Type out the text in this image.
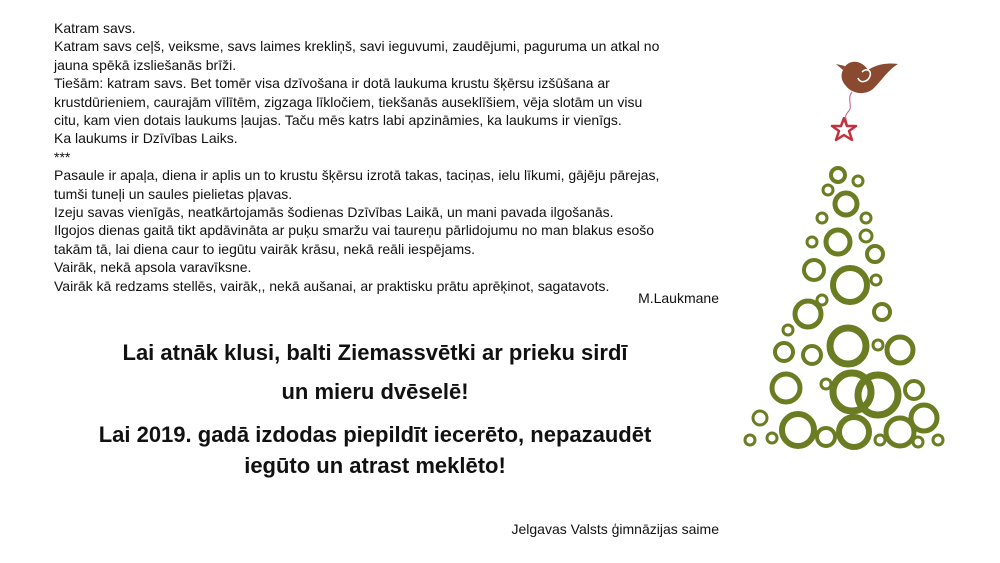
Katram savs.
Katram savs ceļš, veiksme, savs laimes krekliņš, savi ieguvumi, zaudējumi, paguruma un atkal no
jauna spēkā izsliešanās brīži.
Tiešām: katram savs. Bet tomēr visa dzīvošana ir dotā laukuma krustu šķērsu izšūšana ar
krustdūrieniem, caurajām vīlītēm, zigzaga līkločiem, tiekšanās auseklīšiem, vēja slotām un visu
citu, kam vien dotais laukums ļaujas. Taču mēs katrs labi apzināmies, ka laukums ir vienīgs.
Ka laukums ir Dzīvības Laiks.
***
Pasaule ir apaļa, diena ir aplis un to krustu šķērsu izrotā takas, taciņas, ielu līkumi, gājēju pārejas,
tumši tuneļi un saules pielietas pļavas.
Izeju savas vienīgās, neatkārtojamās šodienas Dzīvības Laikā, un mani pavada ilgošanās.
Ilgojos dienas gaitā tikt apdāvināta ar puķu smaržu vai taureņu pārlidojumu no man blakus esošo
takām tā, lai diena caur to iegūtu vairāk krāsu, nekā reāli iespējams.
Vairāk, nekā apsola varavīksne.
Vairāk kā redzams stellēs, vairāk,, nekā aušanai, ar praktisku prātu aprēķinot, sagatavots.
M.Laukmane
Lai atnāk klusi, balti Ziemassvētki ar prieku sirdī
un mieru dvēselē!
Lai 2019. gadā izdodas piepildīt iecerēto, nepazaudēt
iegūto un atrast meklēto!
Jelgavas Valsts ģimnāzijas saime
